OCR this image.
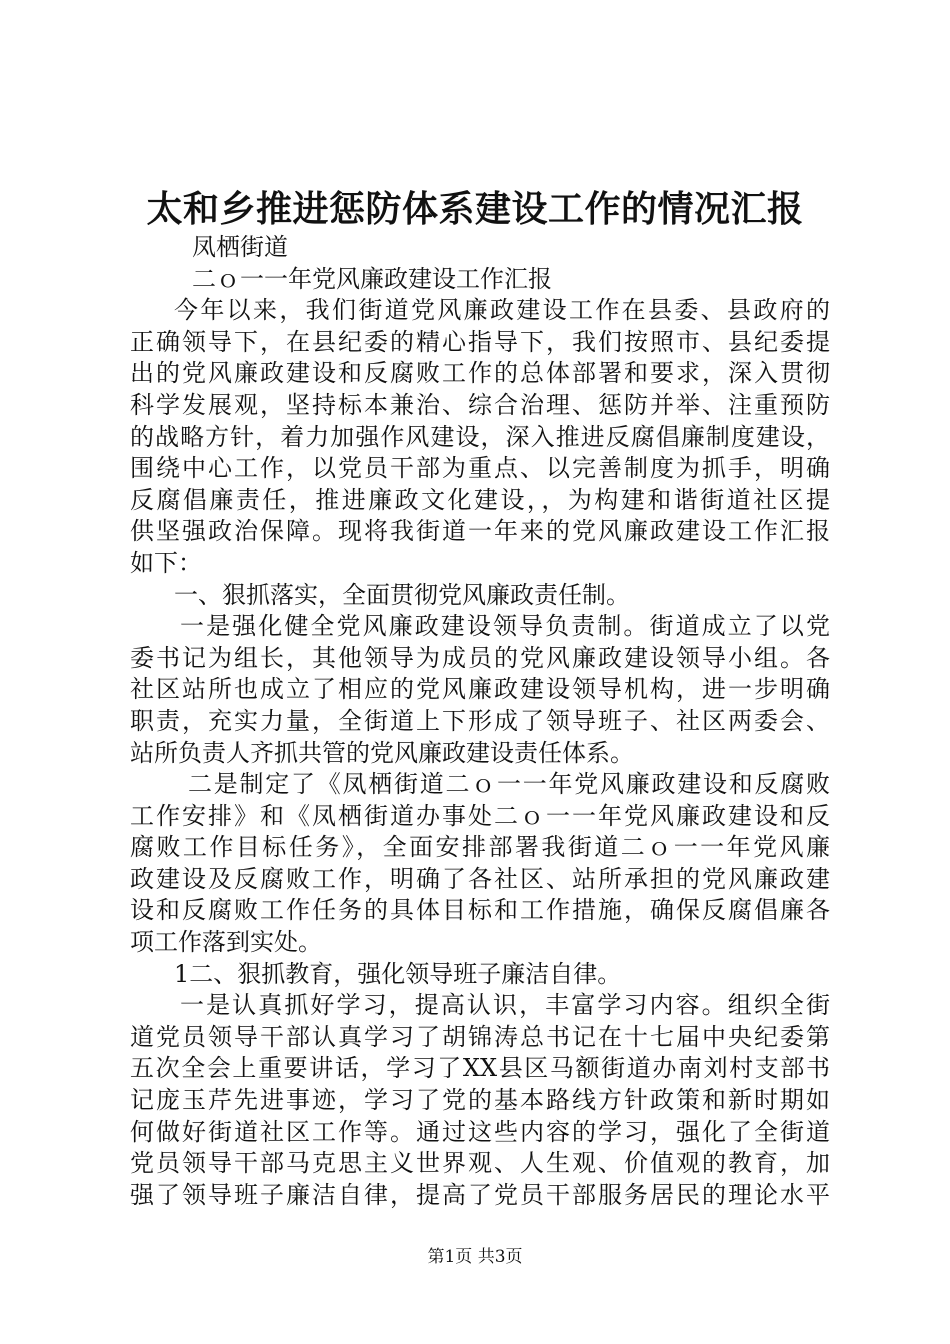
太和乡推进惩防体系建设工作的情况汇报
凤栖街道
二ｏ一一年党风廉政建设工作汇报
今年以来，我们街道党风廉政建设工作在县委、县政府的
正确领导下，在县纪委的精心指导下，我们按照市、县纪委提
出的党风廉政建设和反腐败工作的总体部署和要求，深入贯彻
科学发展观，坚持标本兼治、综合治理、惩防并举、注重预防
的战略方针，着力加强作风建设，深入推进反腐倡廉制度建设，
围绕中心工作，以党员干部为重点、以完善制度为抓手，明确
反腐倡廉责任，推进廉政文化建设，，为构建和谐街道社区提
供坚强政治保障。现将我街道一年来的党风廉政建设工作汇报
如下：
一、狠抓落实，全面贯彻党风廉政责任制。
一是强化健全党风廉政建设领导负责制。街道成立了以党
委书记为组长，其他领导为成员的党风廉政建设领导小组。各
社区站所也成立了相应的党风廉政建设领导机构，进一步明确
职责，充实力量，全街道上下形成了领导班子、社区两委会、
站所负责人齐抓共管的党风廉政建设责任体系。
二是制定了《凤栖街道二ｏ一一年党风廉政建设和反腐败
工作安排》和《凤栖街道办事处二ｏ一一年党风廉政建设和反
腐败工作目标任务》，全面安排部署我街道二ｏ一一年党风廉
政建设及反腐败工作，明确了各社区、站所承担的党风廉政建
设和反腐败工作任务的具体目标和工作措施，确保反腐倡廉各
项工作落到实处。
1二、狠抓教育，强化领导班子廉洁自律。
一是认真抓好学习，提高认识，丰富学习内容。组织全街
道党员领导干部认真学习了胡锦涛总书记在十七届中央纪委第
五次全会上重要讲话，学习了XX县区马额街道办南刘村支部书
记庞玉芹先进事迹，学习了党的基本路线方针政策和新时期如
何做好街道社区工作等。通过这些内容的学习，强化了全街道
党员领导干部马克思主义世界观、人生观、价值观的教育，加
强了领导班子廉洁自律，提高了党员干部服务居民的理论水平
第1页 共3页
